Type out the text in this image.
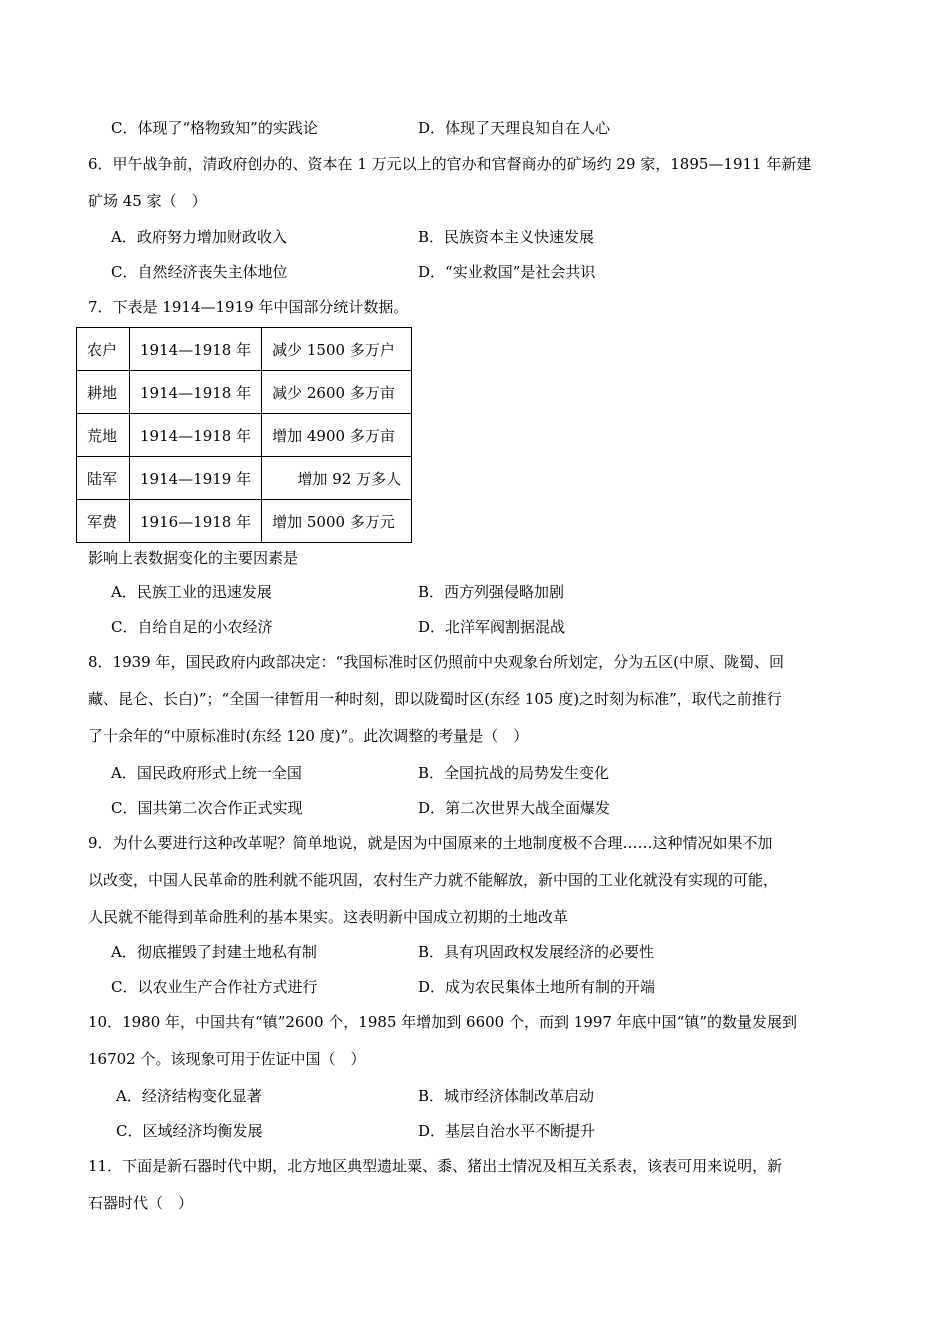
C．体现了“格物致知”的实践论	D．体现了天理良知自在人心
6．甲午战争前，清政府创办的、资本在 1 万元以上的官办和官督商办的矿场约 29 家，1895—1911 年新建
矿场 45 家（　）
A．政府努力增加财政收入	B．民族资本主义快速发展
C．自然经济丧失主体地位	D．“实业救国”是社会共识
7．下表是 1914—1919 年中国部分统计数据。
农户	1914—1918 年	减少 1500 多万户
耕地	1914—1918 年	减少 2600 多万亩
荒地	1914—1918 年	增加 4900 多万亩
陆军	1914—1919 年	增加 92 万多人
军费	1916—1918 年	增加 5000 多万元
影响上表数据变化的主要因素是
A．民族工业的迅速发展	B．西方列强侵略加剧
C．自给自足的小农经济	D．北洋军阀割据混战
8．1939 年，国民政府内政部决定：“我国标准时区仍照前中央观象台所划定，分为五区(中原、陇蜀、回
藏、昆仑、长白)”；“全国一律暂用一种时刻，即以陇蜀时区(东经 105 度)之时刻为标准”，取代之前推行
了十余年的“中原标准时(东经 120 度)”。此次调整的考量是（　）
A．国民政府形式上统一全国	B．全国抗战的局势发生变化
C．国共第二次合作正式实现	D．第二次世界大战全面爆发
9．为什么要进行这种改革呢？简单地说，就是因为中国原来的土地制度极不合理……这种情况如果不加
以改变，中国人民革命的胜利就不能巩固，农村生产力就不能解放，新中国的工业化就没有实现的可能，
人民就不能得到革命胜利的基本果实。这表明新中国成立初期的土地改革
A．彻底摧毁了封建土地私有制	B．具有巩固政权发展经济的必要性
C．以农业生产合作社方式进行	D．成为农民集体土地所有制的开端
10．1980 年，中国共有“镇”2600 个，1985 年增加到 6600 个，而到 1997 年底中国“镇”的数量发展到
16702 个。该现象可用于佐证中国（　）
A．经济结构变化显著	B．城市经济体制改革启动
C．区域经济均衡发展	D．基层自治水平不断提升
11．下面是新石器时代中期，北方地区典型遗址粟、黍、猪出土情况及相互关系表，该表可用来说明，新
石器时代（　）
